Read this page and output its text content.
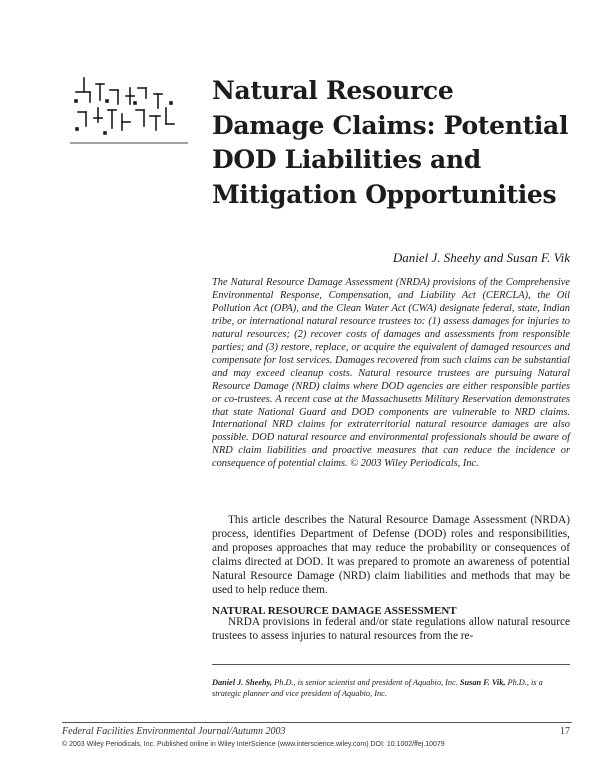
Natural Resource Damage Claims: Potential DOD Liabilities and Mitigation Opportunities
Daniel J. Sheehy and Susan F. Vik

The Natural Resource Damage Assessment (NRDA) provisions of the Comprehensive Environmental Response, Compensation, and Liability Act (CERCLA), the Oil Pollution Act (OPA), and the Clean Water Act (CWA) designate federal, state, Indian tribe, or international natural resource trustees to: (1) assess damages for injuries to natural resources; (2) recover costs of damages and assessments from responsible parties; and (3) restore, replace, or acquire the equivalent of damaged resources and compensate for lost services. Damages recovered from such claims can be substantial and may exceed cleanup costs. Natural resource trustees are pursuing Natural Resource Damage (NRD) claims where DOD agencies are either responsible parties or co-trustees. A recent case at the Massachusetts Military Reservation demonstrates that state National Guard and DOD components are vulnerable to NRD claims. International NRD claims for extraterritorial natural resource damages are also possible. DOD natural resource and environmental professionals should be aware of NRD claim liabilities and proactive measures that can reduce the incidence or consequence of potential claims. © 2003 Wiley Periodicals, Inc.

This article describes the Natural Resource Damage Assessment (NRDA) process, identifies Department of Defense (DOD) roles and responsibilities, and proposes approaches that may reduce the probability or consequences of claims directed at DOD. It was prepared to promote an awareness of potential Natural Resource Damage (NRD) claim liabilities and methods that may be used to help reduce them.

NATURAL RESOURCE DAMAGE ASSESSMENT

NRDA provisions in federal and/or state regulations allow natural resource trustees to assess injuries to natural resources from the re-

Daniel J. Sheehy, Ph.D., is senior scientist and president of Aquabio, Inc. Susan F. Vik, Ph.D., is a strategic planner and vice president of Aquabio, Inc.

Federal Facilities Environmental Journal/Autumn 2003	17
© 2003 Wiley Periodicals, Inc. Published online in Wiley InterScience (www.interscience.wiley.com) DOI: 10.1002/ffej.10079
